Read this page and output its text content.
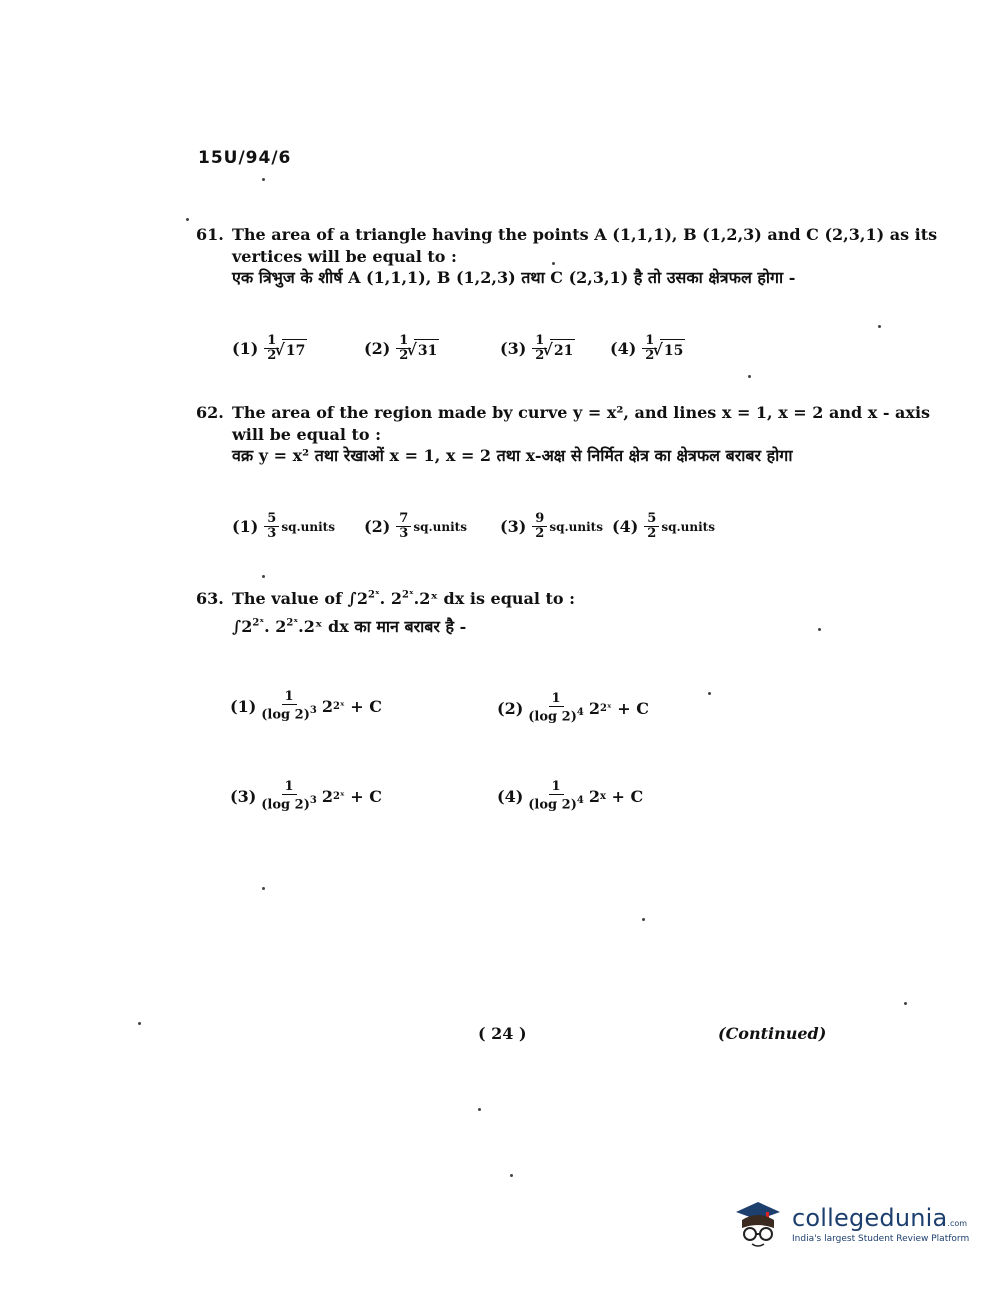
15U/94/6
61. The area of a triangle having the points A (1,1,1), B (1,2,3) and C (2,3,1) as its
vertices will be equal to :
एक त्रिभुज के शीर्ष A (1,1,1), B (1,2,3) तथा C (2,3,1) है तो उसका क्षेत्रफल होगा -
$(1) \frac{1}{2}$ √ 17	$(2) \frac{1}{2}$ √ 31	$(3) \frac{1}{2}$ √ 21 $(4) \frac{1}{2}$ √ 15
62. The area of the region made by curve y = x², and lines x = 1, x = 2 and x - axis
will be equal to :
वक्र y = x² तथा रेखाओं x = 1, x = 2 तथा x-अक्ष से निर्मित क्षेत्र का क्षेत्रफल बराबर होगा
$(1) \frac{5}{3}$ sq.units $(2) \frac{7}{3}$ sq.units $(3) \frac{9}{2}$ sq.units $(4) \frac{5}{2}$ sq.units
63. The value of $\int 2^{2ˣ}$. $2^{2ˣ}.2ˣ$ dx is equal to :
$\int 2^{2ˣ}$. $2^{2ˣ}.2ˣ$ dx का मान बराबर है -
$(1) \frac{1}{(\log 2)^3} 2$ 2ˣ
+ C	$(2) \frac{1}{(\log 2)^4} 2$ 2ˣ
+ C
$(3) \frac{1}{(\log 2)^3} 2$ 2ˣ
+ C	$(4) \frac{1}{(\log 2)^4} 2$ x
+ C
( 24 )	(Continued)
collegedunia.com
India's largest Student Review Platform
